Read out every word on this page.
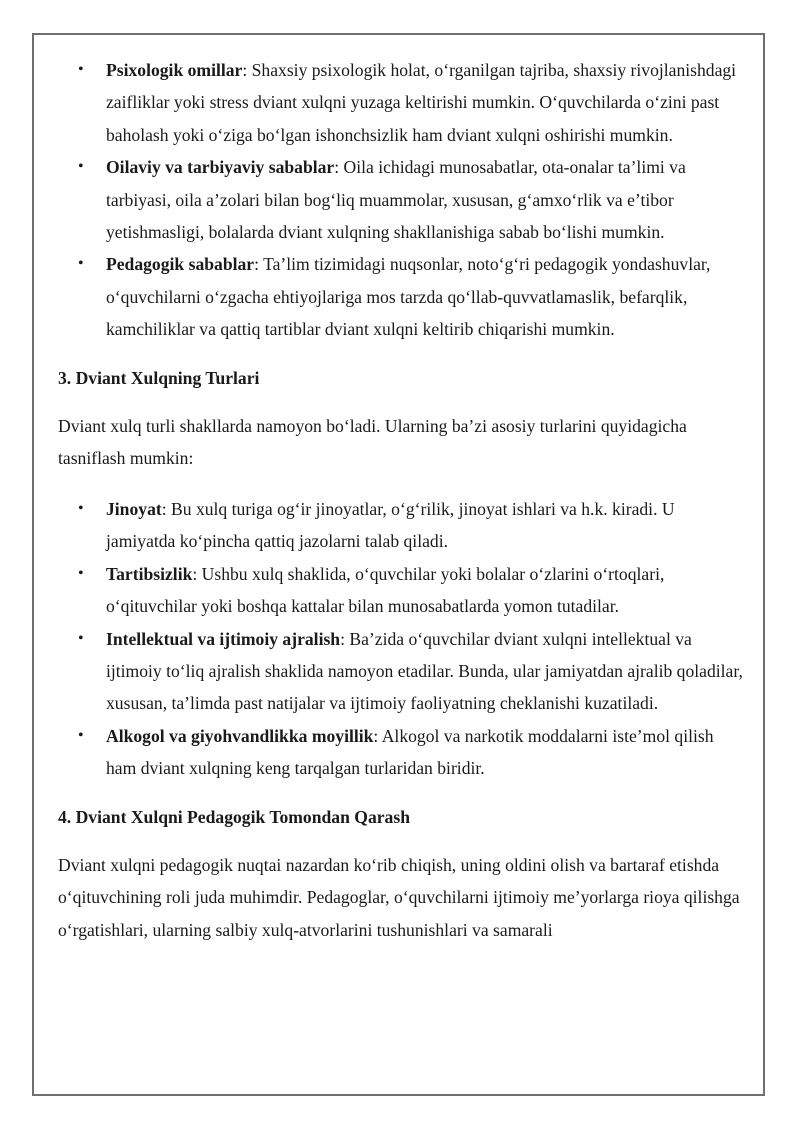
• Psixologik omillar: Shaxsiy psixologik holat, o‘rganilgan tajriba, shaxsiy rivojlanishdagi zaifliklar yoki stress dviant xulqni yuzaga keltirishi mumkin. O‘quvchilarda o‘zini past baholash yoki o‘ziga bo‘lgan ishonchsizlik ham dviant xulqni oshirishi mumkin.
• Oilaviy va tarbiyaviy sabablar: Oila ichidagi munosabatlar, ota-onalar ta’limi va tarbiyasi, oila a’zolari bilan bog‘liq muammolar, xususan, g‘amxo‘rlik va e’tibor yetishmasligi, bolalarda dviant xulqning shakllanishiga sabab bo‘lishi mumkin.
• Pedagogik sabablar: Ta’lim tizimidagi nuqsonlar, noto‘g‘ri pedagogik yondashuvlar, o‘quvchilarni o‘zgacha ehtiyojlariga mos tarzda qo‘llab-quvvatlamaslik, befarqlik, kamchiliklar va qattiq tartiblar dviant xulqni keltirib chiqarishi mumkin.

3. Dviant Xulqning Turlari

Dviant xulq turli shakllarda namoyon bo‘ladi. Ularning ba’zi asosiy turlarini quyidagicha tasniflash mumkin:

• Jinoyat: Bu xulq turiga og‘ir jinoyatlar, o‘g‘rilik, jinoyat ishlari va h.k. kiradi. U jamiyatda ko‘pincha qattiq jazolarni talab qiladi.
• Tartibsizlik: Ushbu xulq shaklida, o‘quvchilar yoki bolalar o‘zlarini o‘rtoqlari, o‘qituvchilar yoki boshqa kattalar bilan munosabatlarda yomon tutadilar.
• Intellektual va ijtimoiy ajralish: Ba’zida o‘quvchilar dviant xulqni intellektual va ijtimoiy to‘liq ajralish shaklida namoyon etadilar. Bunda, ular jamiyatdan ajralib qoladilar, xususan, ta’limda past natijalar va ijtimoiy faoliyatning cheklanishi kuzatiladi.
• Alkogol va giyohvandlikka moyillik: Alkogol va narkotik moddalarni iste’mol qilish ham dviant xulqning keng tarqalgan turlaridan biridir.

4. Dviant Xulqni Pedagogik Tomondan Qarash

Dviant xulqni pedagogik nuqtai nazardan ko‘rib chiqish, uning oldini olish va bartaraf etishda o‘qituvchining roli juda muhimdir. Pedagoglar, o‘quvchilarni ijtimoiy me’yorlarga rioya qilishga o‘rgatishlari, ularning salbiy xulq-atvorlarini tushunishlari va samarali
